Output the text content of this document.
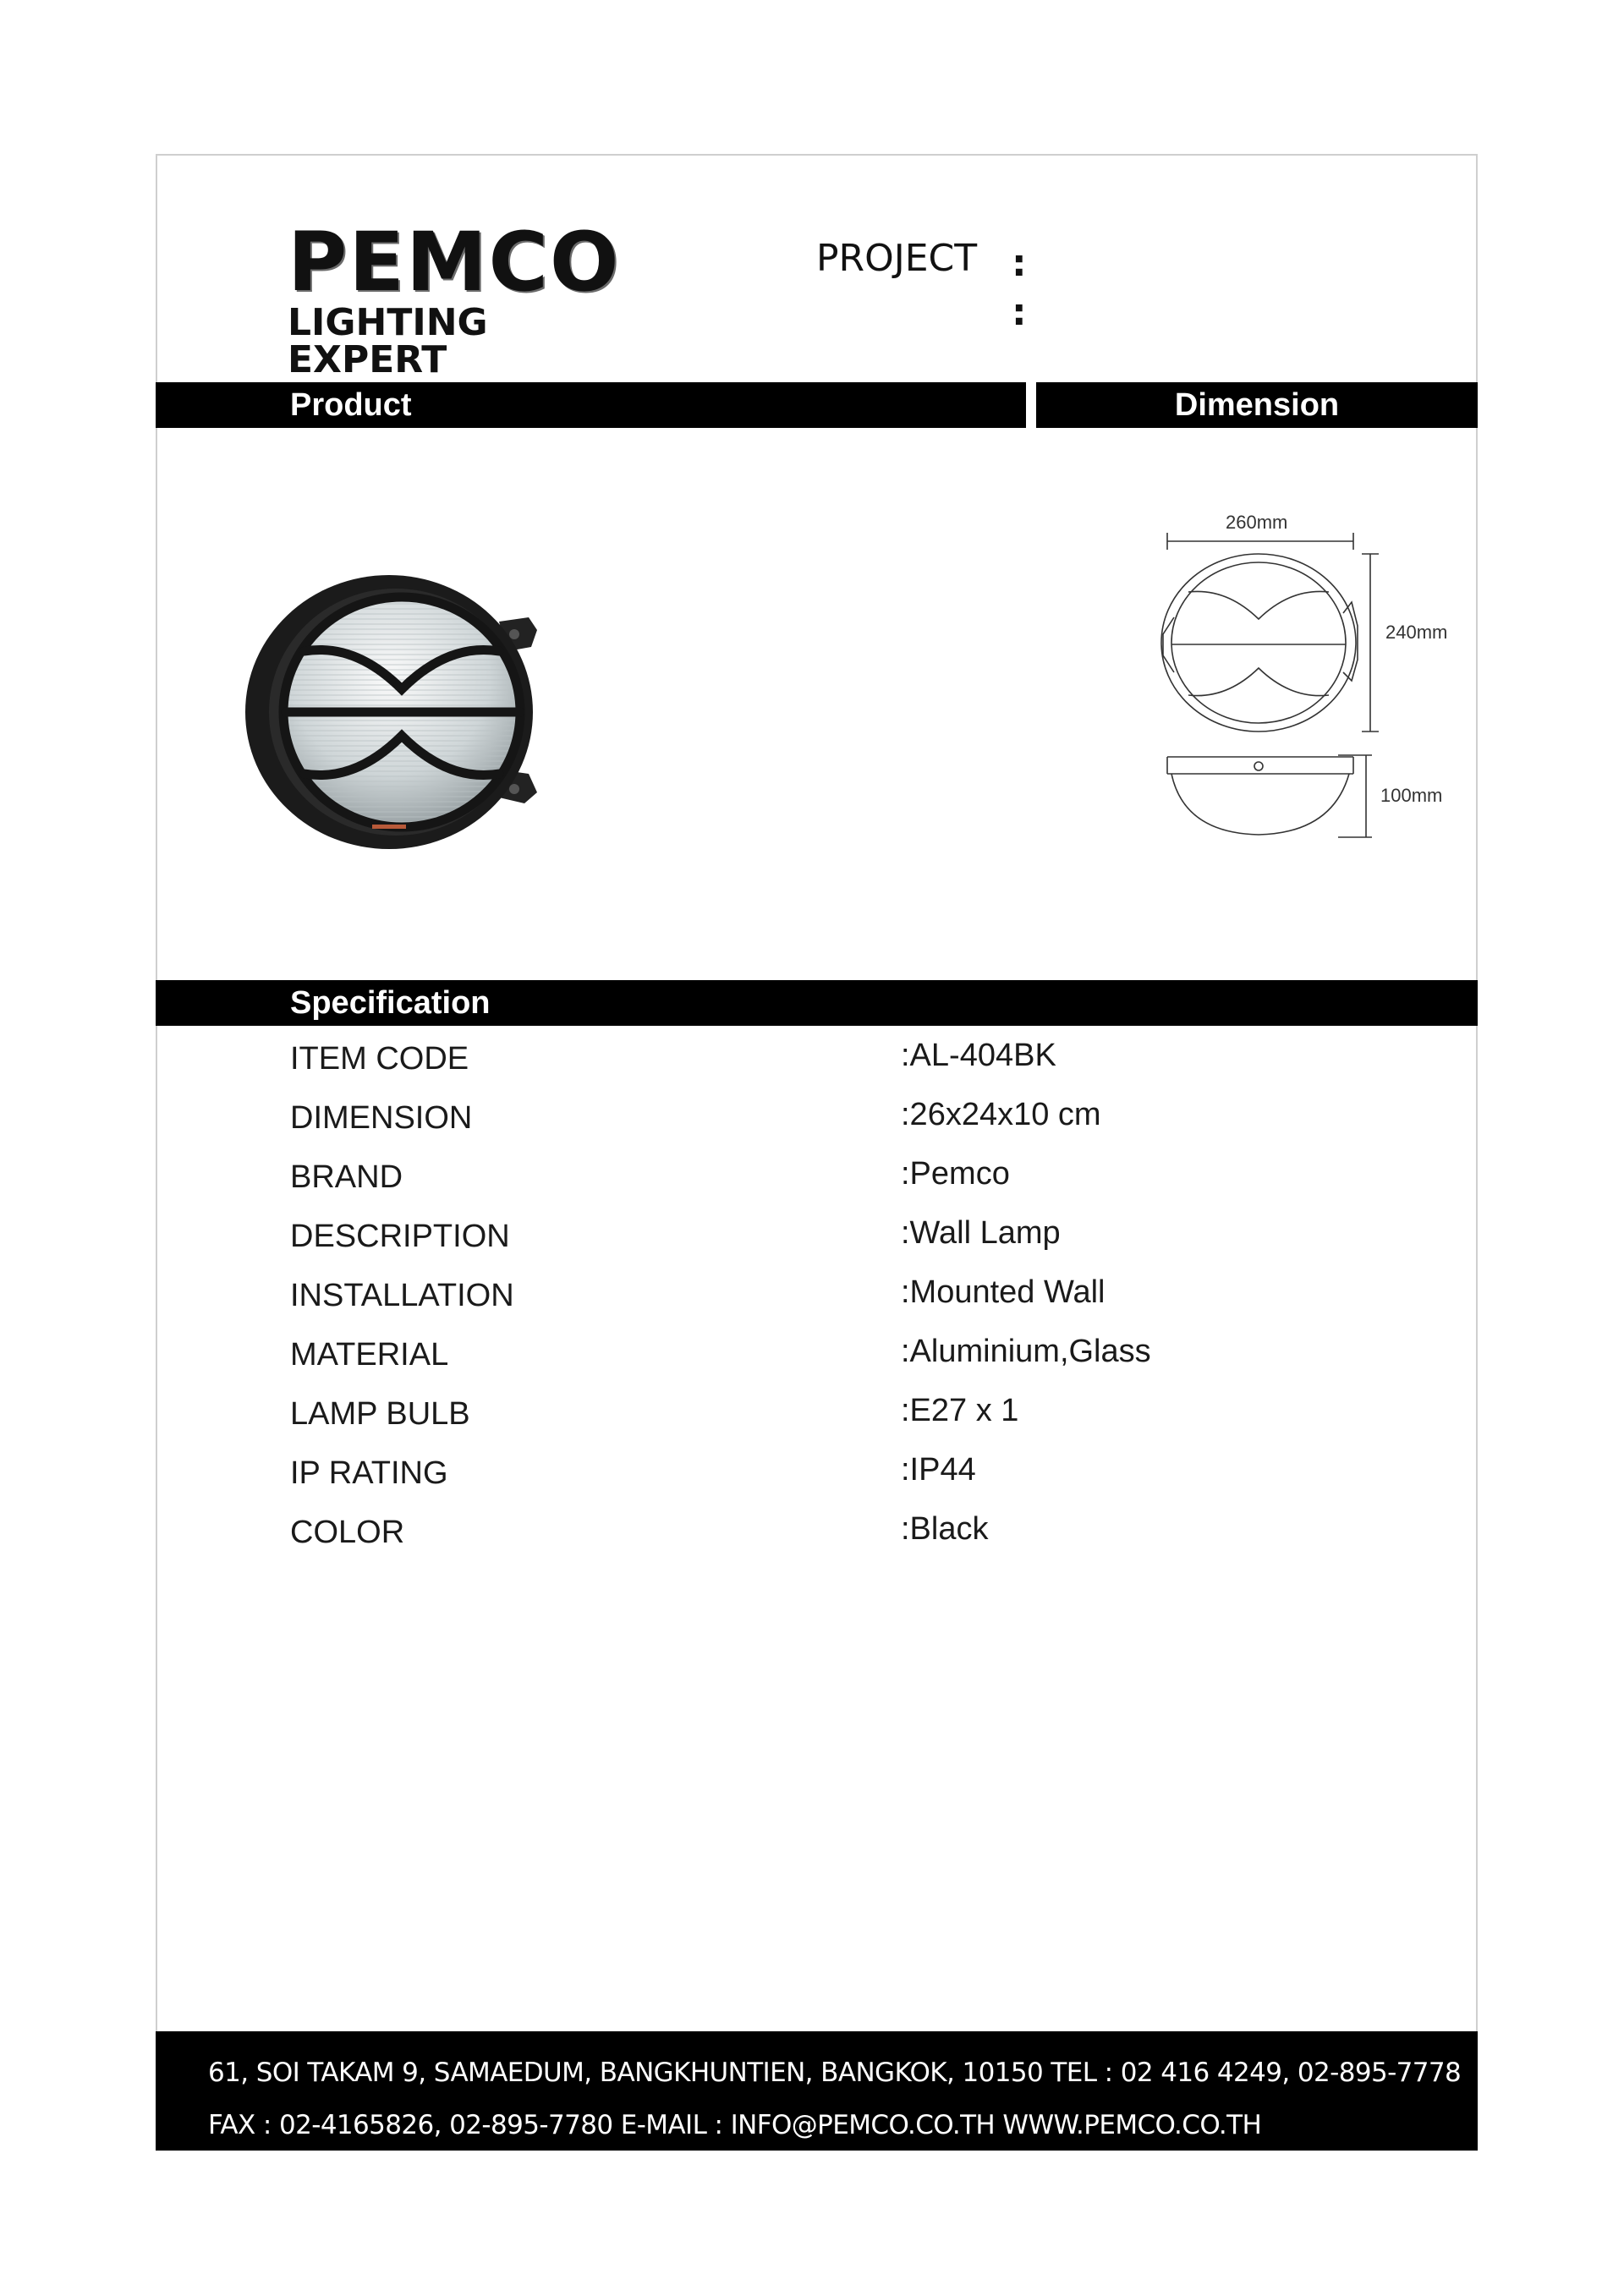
PEMCO
LIGHTING EXPERT
PROJECT :
:
Product	Dimension
260mm
240mm
100mm
Specification
ITEM CODE	:AL-404BK
DIMENSION	:26x24x10 cm
BRAND	:Pemco
DESCRIPTION	:Wall Lamp
INSTALLATION	:Mounted Wall
MATERIAL	:Aluminium,Glass
LAMP BULB	:E27 x 1
IP RATING	:IP44
COLOR	:Black
61, SOI TAKAM 9, SAMAEDUM, BANGKHUNTIEN, BANGKOK, 10150 TEL : 02 416 4249, 02-895-7778
FAX : 02-4165826, 02-895-7780 E-MAIL : INFO@PEMCO.CO.TH WWW.PEMCO.CO.TH
